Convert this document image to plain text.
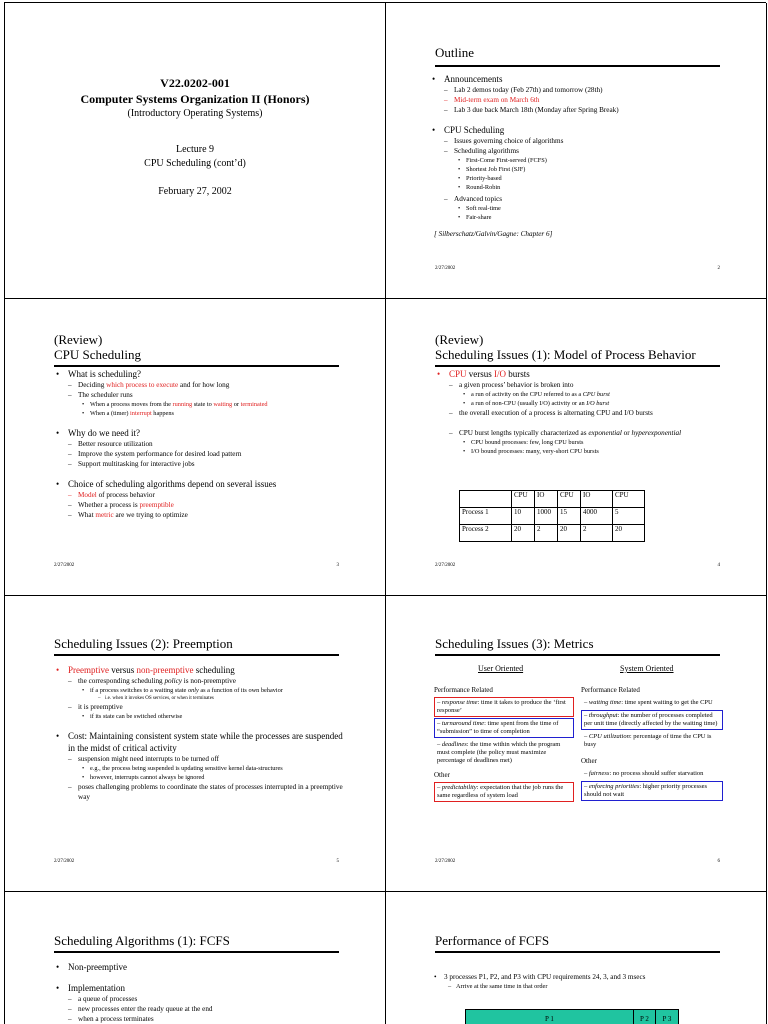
V22.0202-001
Computer Systems Organization II (Honors)
(Introductory Operating Systems)
Lecture 9
CPU Scheduling (cont’d)
February 27, 2002
Outline
• Announcements
– Lab 2 demos today (Feb 27th) and tomorrow (28th)
– Mid-term exam on March 6th
– Lab 3 due back March 18th (Monday after Spring Break)
• CPU Scheduling
– Issues governing choice of algorithms
– Scheduling algorithms
• First-Come First-served (FCFS)
• Shortest Job First (SJF)
• Priority-based
• Round-Robin
– Advanced topics
• Soft real-time
• Fair-share
[ Silberschatz/Galvin/Gagne: Chapter 6]
2/27/2002	2
(Review)
CPU Scheduling
• What is scheduling?
– Deciding which process to execute and for how long
– The scheduler runs
• When a process moves from the running state to waiting or terminated
• When a (timer) interrupt happens
• Why do we need it?
– Better resource utilization
– Improve the system performance for desired load pattern
– Support multitasking for interactive jobs
• Choice of scheduling algorithms depend on several issues
– Model of process behavior
– Whether a process is preemptible
– What metric are we trying to optimize
2/27/2002	3
(Review)
Scheduling Issues (1): Model of Process Behavior
• CPU versus I/O bursts
– a given process’ behavior is broken into
• a run of activity on the CPU referred to as a CPU burst
• a run of non-CPU (usually I/O) activity or an I/O burst
– the overall execution of a process is alternating CPU and I/O bursts
– CPU burst lengths typically characterized as exponential or hyperexponential
• CPU bound processes: few, long CPU bursts
• I/O bound processes: many, very-short CPU bursts
	CPU	IO	CPU	IO	CPU
Process 1	10	1000	15	4000	5
Process 2	20	2	20	2	20
2/27/2002	4
Scheduling Issues (2): Preemption
• Preemptive versus non-preemptive scheduling
– the corresponding scheduling policy is non-preemptive
• if a process switches to a waiting state only as a function of its own behavior
– i.e. when it invokes OS services, or when it terminates
– it is preemptive
• if its state can be switched otherwise
• Cost: Maintaining consistent system state while the processes are suspended in the midst of critical activity
– suspension might need interrupts to be turned off
• e.g., the process being suspended is updating sensitive kernel data-structures
• however, interrupts cannot always be ignored
– poses challenging problems to coordinate the states of processes interrupted in a preemptive way
2/27/2002	5
Scheduling Issues (3): Metrics
User Oriented	System Oriented
Performance Related
– response time: time it takes to produce the ‘first response’
– turnaround time: time spent from the time of “submission” to time of completion
– deadlines: the time within which the program must complete (the policy must maximize percentage of deadlines met)
Other
– predictability: expectation that the job runs the same regardless of system load
Performance Related
– waiting time: time spent waiting to get the CPU
– throughput: the number of processes completed per unit time (directly affected by the waiting time)
– CPU utilization: percentage of time the CPU is busy
Other
– fairness: no process should suffer starvation
– enforcing priorities: higher priority processes should not wait
2/27/2002	6
Scheduling Algorithms (1): FCFS
• Non-preemptive
• Implementation
– a queue of processes
– new processes enter the ready queue at the end
– when a process terminates
Performance of FCFS
•	3 processes P1, P2, and P3 with CPU requirements 24, 3, and 3 msecs
– Arrive at the same time in that order
P 1	P 2	P 3
